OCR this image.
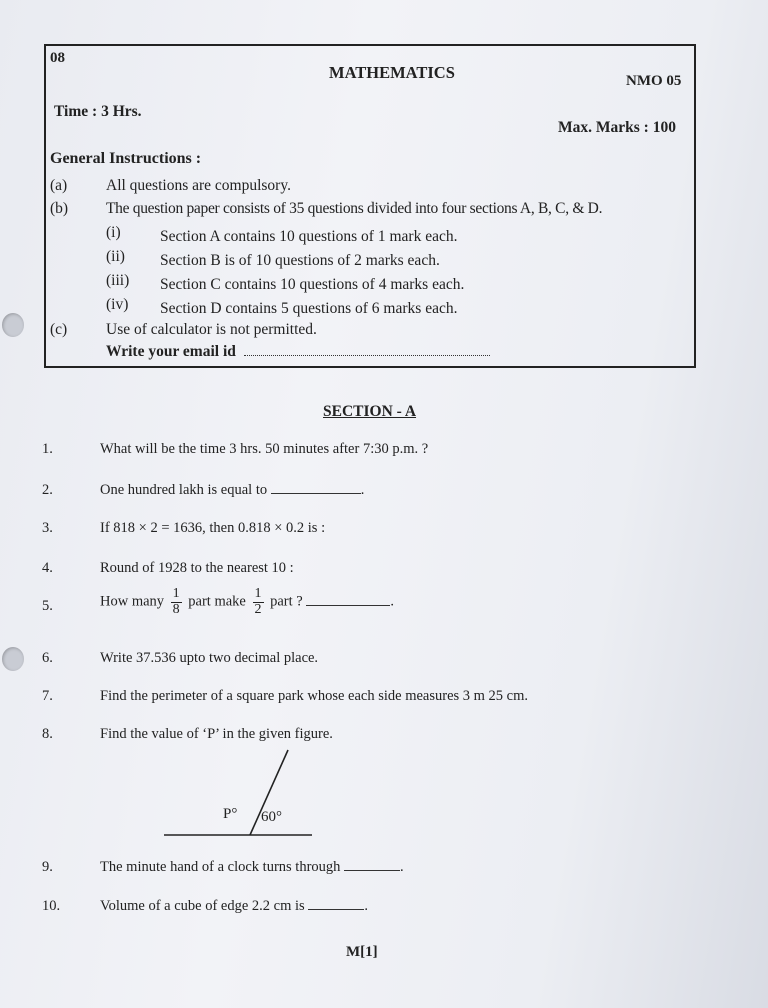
08
MATHEMATICS	NMO 05
Time : 3 Hrs.
Max. Marks : 100
General Instructions :
(a)	All questions are compulsory.
(b) The question paper consists of 35 questions divided into four sections A, B, C, & D.
(i)	Section A contains 10 questions of 1 mark each.
(ii) Section B is of 10 questions of 2 marks each.
(iii) Section C contains 10 questions of 4 marks each.
(iv) Section D contains 5 questions of 6 marks each.
(c)	Use of calculator is not permitted.
Write your email id
SECTION - A
1.	What will be the time 3 hrs. 50 minutes after 7:30 p.m. ?
2.	One hundred lakh is equal to	.
3.	If 818 × 2 = 1636, then 0.818 × 0.2 is :
4.	Round of 1928 to the nearest 10 :
5.	How many $\frac{1}{8}$ part make $\frac{1}{2}$ part ?	.
6.	Write 37.536 upto two decimal place.
7.	Find the perimeter of a square park whose each side measures 3 m 25 cm.
8.	Find the value of ‘P’ in the given figure.
P° 60°
9.	The minute hand of a clock turns through	.
10.	Volume of a cube of edge 2.2 cm is	.
M[1]
